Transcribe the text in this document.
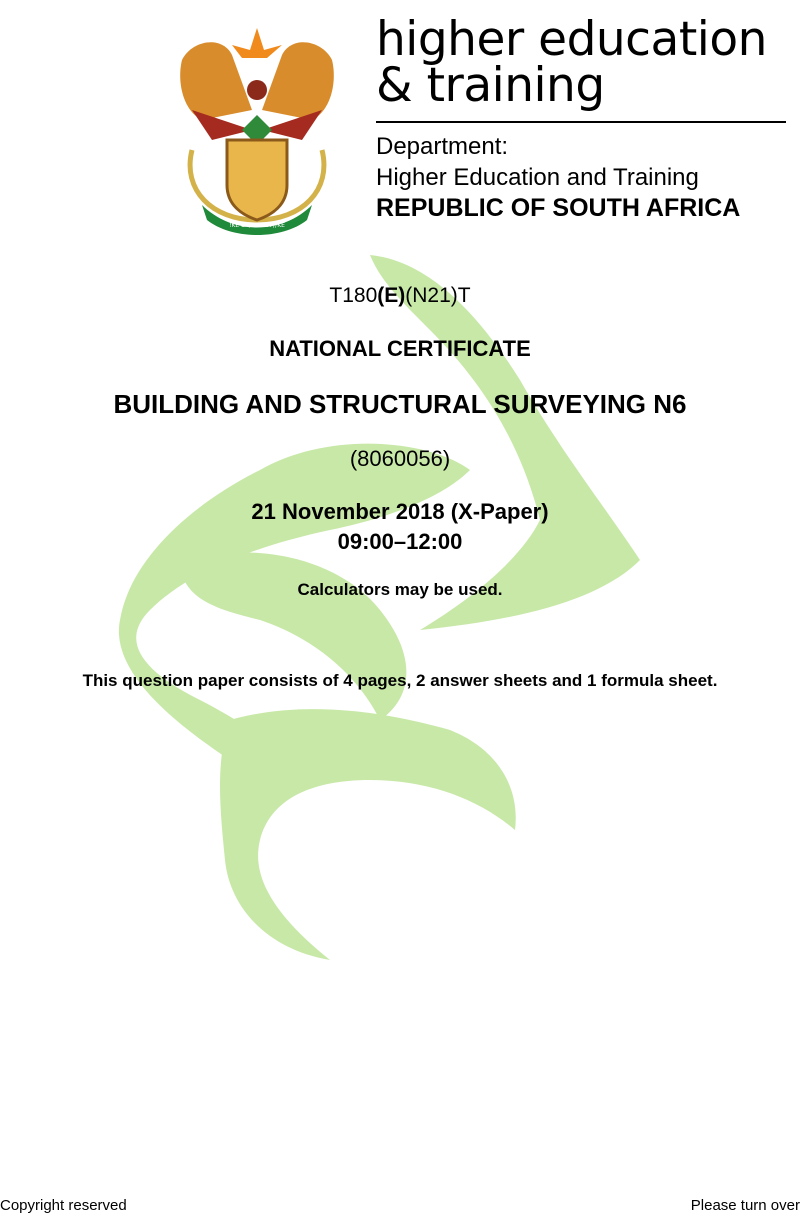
!KE E: /XARRA //KE
higher education
& training
Department:
Higher Education and Training
REPUBLIC OF SOUTH AFRICA
T180(E)(N21)T
NATIONAL CERTIFICATE
BUILDING AND STRUCTURAL SURVEYING N6
(8060056)
21 November 2018 (X-Paper)
09:00–12:00
Calculators may be used.
This question paper consists of 4 pages, 2 answer sheets and 1 formula sheet.
Copyright reserved	Please turn over
